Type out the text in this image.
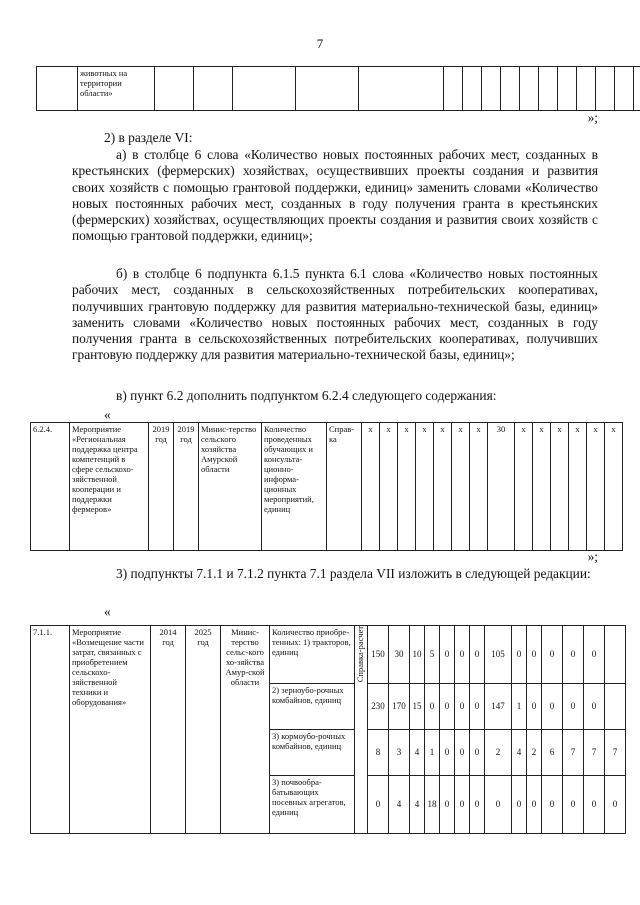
7
	животных на территории области»																			
»;

2) в разделе VI:

а) в столбце 6 слова «Количество новых постоянных рабочих мест, созданных в крестьянских (фермерских) хозяйствах, осуществивших проекты создания и развития своих хозяйств с помощью грантовой поддержки, единиц» заменить словами «Количество новых постоянных рабочих мест, созданных в году получения гранта в крестьянских (фермерских) хозяйствах, осуществляющих проекты создания и развития своих хозяйств с помощью грантовой поддержки, единиц»;

б) в столбце 6 подпункта 6.1.5 пункта 6.1 слова «Количество новых постоянных рабочих мест, созданных в сельскохозяйственных потребительских кооперативах, получивших грантовую поддержку для развития материально-технической базы, единиц» заменить словами «Количество новых постоянных рабочих мест, созданных в году получения гранта в сельскохозяйственных потребительских кооперативах, получивших грантовую поддержку для развития материально-технической базы, единиц»;

в) пункт 6.2 дополнить подпунктом 6.2.4 следующего содержания:

«
6.2.4.	Мероприятие «Региональная поддержка центра компетенций в сфере сельскохо-зяйственной кооперации и поддержки фермеров»	2019 год	2019 год	Минис-терство сельского хозяйства Амурской области	Количество проведенных обучающих и консульта-ционно-информа-ционных мероприятий, единиц	Справ-ка	x	x	x	x	x	x	x	30	x	x	x	x	x	x
»;

3) подпункты 7.1.1 и 7.1.2 пункта 7.1 раздела VII изложить в следующей редакции:

«
7.1.1.	Мероприятие «Возмещение части затрат, связанных с приобретением сельскохо-зяйственной техники и оборудования»	2014 год	2025 год	Минис-терство сельс-кого хо-зяйства Амур-ской области	Количество приобре-тенных: 1) тракторов, единиц	Справка-расчет	150	30	10	5	0	0	0	105	0	0	0	0	0	
					2) зерноубо-рочных комбайнов, единиц		230	170	15	0	0	0	0	147	1	0	0	0	0	
					3) кормоубо-рочных комбайнов, единиц		8	3	4	1	0	0	0	2	4	2	6	7	7	7
					3) почвообра-батывающих посевных агрегатов, единиц		0	4	4	18	0	0	0	0	0	0	0	0	0	0
